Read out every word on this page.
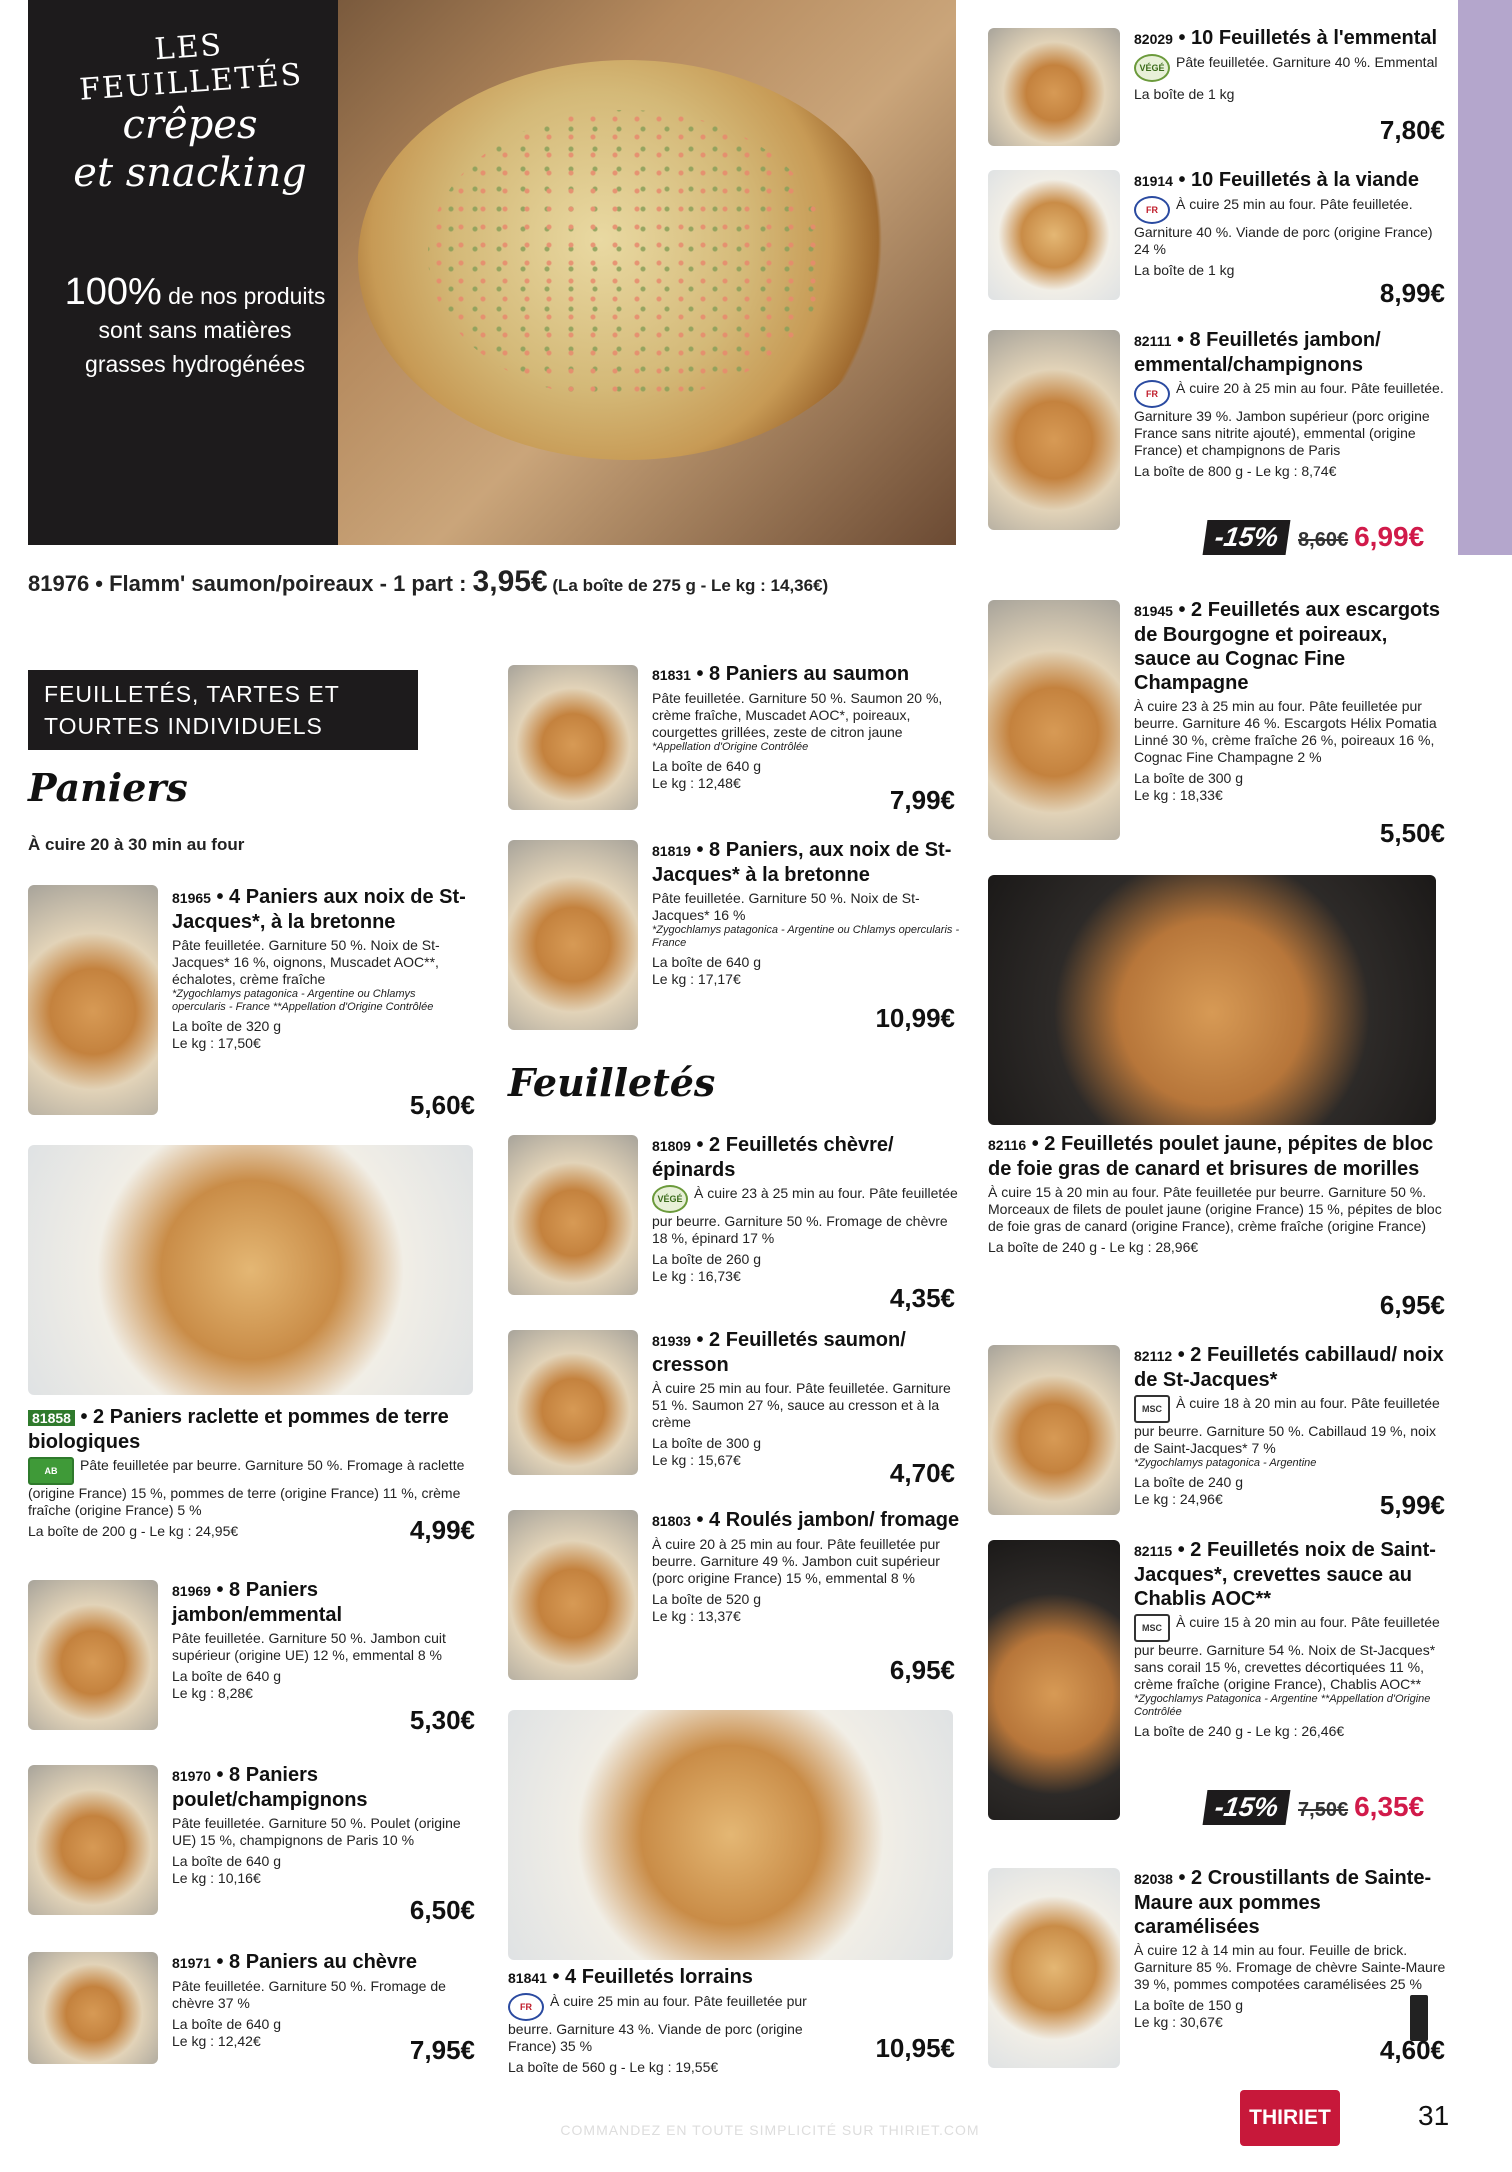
LES FEUILLETÉS
crêpes
et snacking
100% de nos produits sont sans matières grasses hydrogénées
81976 • Flamm' saumon/poireaux - 1 part : 3,95€ (La boîte de 275 g - Le kg : 14,36€)
FEUILLETÉS, TARTES ET TOURTES INDIVIDUELS
Paniers
À cuire 20 à 30 min au four
81965 • 4 Paniers aux noix de St-Jacques*, à la bretonne
Pâte feuilletée. Garniture 50 %. Noix de St-Jacques* 16 %, oignons, Muscadet AOC**, échalotes, crème fraîche
*Zygochlamys patagonica - Argentine ou Chlamys opercularis - France **Appellation d'Origine Contrôlée
La boîte de 320 g
Le kg : 17,50€
5,60€
81858 • 2 Paniers raclette et pommes de terre biologiques
AB Pâte feuilletée par beurre. Garniture 50 %. Fromage à raclette (origine France) 15 %, pommes de terre (origine France) 11 %, crème fraîche (origine France) 5 %
La boîte de 200 g - Le kg : 24,95€	4,99€
81969 • 8 Paniers jambon/emmental
Pâte feuilletée. Garniture 50 %. Jambon cuit supérieur (origine UE) 12 %, emmental 8 %
La boîte de 640 g
Le kg : 8,28€
5,30€
81970 • 8 Paniers poulet/champignons
Pâte feuilletée. Garniture 50 %. Poulet (origine UE) 15 %, champignons de Paris 10 %
La boîte de 640 g
Le kg : 10,16€
6,50€
81971 • 8 Paniers au chèvre
Pâte feuilletée. Garniture 50 %. Fromage de chèvre 37 %
La boîte de 640 g
Le kg : 12,42€	7,95€
81831 • 8 Paniers au saumon
Pâte feuilletée. Garniture 50 %. Saumon 20 %, crème fraîche, Muscadet AOC*, poireaux, courgettes grillées, zeste de citron jaune
*Appellation d'Origine Contrôlée
La boîte de 640 g
Le kg : 12,48€
7,99€
81819 • 8 Paniers, aux noix de St-Jacques* à la bretonne
Pâte feuilletée. Garniture 50 %. Noix de St-Jacques* 16 %
*Zygochlamys patagonica - Argentine ou Chlamys opercularis - France
La boîte de 640 g
Le kg : 17,17€
10,99€
Feuilletés
81809 • 2 Feuilletés chèvre/épinards
VÉGÉ À cuire 23 à 25 min au four. Pâte feuilletée pur beurre. Garniture 50 %. Fromage de chèvre 18 %, épinard 17 %
La boîte de 260 g
Le kg : 16,73€
4,35€
81939 • 2 Feuilletés saumon/ cresson
À cuire 25 min au four. Pâte feuilletée. Garniture 51 %. Saumon 27 %, sauce au cresson et à la crème
La boîte de 300 g
Le kg : 15,67€	4,70€
81803 • 4 Roulés jambon/ fromage
À cuire 20 à 25 min au four. Pâte feuilletée pur beurre. Garniture 49 %. Jambon cuit supérieur (porc origine France) 15 %, emmental 8 %
La boîte de 520 g
Le kg : 13,37€
6,95€
81841 • 4 Feuilletés lorrains
FR À cuire 25 min au four. Pâte feuilletée pur beurre. Garniture 43 %. Viande de porc (origine France) 35 %
La boîte de 560 g - Le kg : 19,55€
10,95€
82029 • 10 Feuilletés à l'emmental
VÉGÉ Pâte feuilletée. Garniture 40 %. Emmental
La boîte de 1 kg
7,80€
81914 • 10 Feuilletés à la viande
FR À cuire 25 min au four. Pâte feuilletée. Garniture 40 %. Viande de porc (origine France) 24 %
La boîte de 1 kg
8,99€
82111 • 8 Feuilletés jambon/ emmental/champignons
FR À cuire 20 à 25 min au four. Pâte feuilletée. Garniture 39 %. Jambon supérieur (porc origine France sans nitrite ajouté), emmental (origine France) et champignons de Paris
La boîte de 800 g - Le kg : 8,74€
-15% 8,60€ 6,99€
81945 • 2 Feuilletés aux escargots de Bourgogne et poireaux, sauce au Cognac Fine Champagne
À cuire 23 à 25 min au four. Pâte feuilletée pur beurre. Garniture 46 %. Escargots Hélix Pomatia Linné 30 %, crème fraîche 26 %, poireaux 16 %, Cognac Fine Champagne 2 %
La boîte de 300 g
Le kg : 18,33€
5,50€
82116 • 2 Feuilletés poulet jaune, pépites de bloc de foie gras de canard et brisures de morilles
À cuire 15 à 20 min au four. Pâte feuilletée pur beurre. Garniture 50 %. Morceaux de filets de poulet jaune (origine France) 15 %, pépites de bloc de foie gras de canard (origine France), crème fraîche (origine France)
La boîte de 240 g - Le kg : 28,96€
6,95€
82112 • 2 Feuilletés cabillaud/ noix de St-Jacques*
MSC À cuire 18 à 20 min au four. Pâte feuilletée pur beurre. Garniture 50 %. Cabillaud 19 %, noix de Saint-Jacques* 7 %
*Zygochlamys patagonica - Argentine
La boîte de 240 g
Le kg : 24,96€	5,99€
82115 • 2 Feuilletés noix de Saint-Jacques*, crevettes sauce au Chablis AOC**
MSC À cuire 15 à 20 min au four. Pâte feuilletée pur beurre. Garniture 54 %. Noix de St-Jacques* sans corail 15 %, crevettes décortiquées 11 %, crème fraîche (origine France), Chablis AOC**
*Zygochlamys Patagonica - Argentine **Appellation d'Origine Contrôlée
La boîte de 240 g - Le kg : 26,46€
-15% 7,50€ 6,35€
82038 • 2 Croustillants de Sainte-Maure aux pommes caramélisées
À cuire 12 à 14 min au four. Feuille de brick. Garniture 85 %. Fromage de chèvre Sainte-Maure 39 %, pommes compotées caramélisées 25 %
La boîte de 150 g
Le kg : 30,67€
4,60€
COMMANDEZ EN TOUTE SIMPLICITÉ SUR THIRIET.COM
THIRIET	31
